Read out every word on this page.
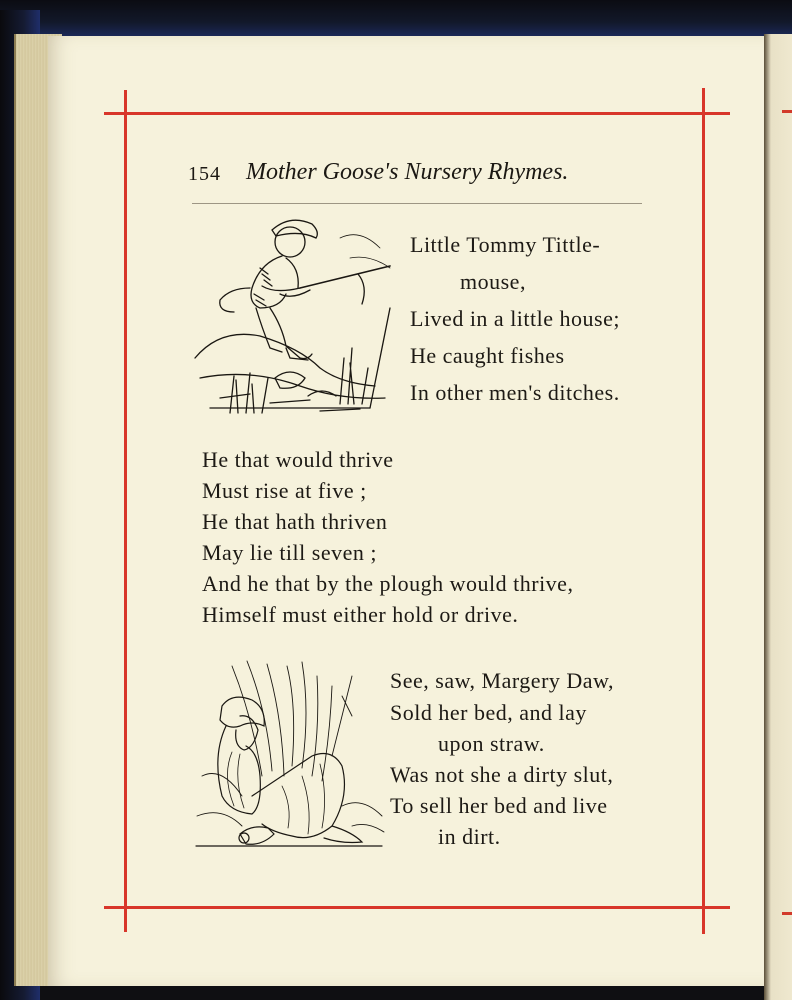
154 Mother Goose's Nursery Rhymes.
Little Tommy Tittle-
mouse,
Lived in a little house;
He caught fishes
In other men's ditches.
He that would thrive
Must rise at five ;
He that hath thriven
May lie till seven ;
And he that by the plough would thrive,
Himself must either hold or drive.
See, saw, Margery Daw,
Sold her bed, and lay
upon straw.
Was not she a dirty slut,
To sell her bed and live
in dirt.
